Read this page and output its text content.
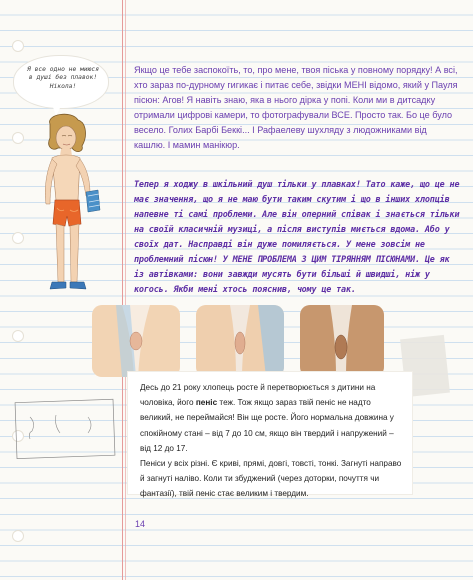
Я все одно не миюся в душі без плавок! Нікола!
Якщо це тебе заспокоїть, то, про мене, твоя піська у повному порядку! А всі, хто зараз по-дурному гигикає і питає себе, звідки МЕНІ відомо, який у Пауля пісюн: Агов! Я навіть знаю, яка в нього дірка у попі. Коли ми в дитсадку отримали цифрові камери, то фотографували ВСЕ. Просто так. Бо це було весело. Голих Барбі Беккі... І Рафаелеву шухляду з людожниками від кашлю. І мамин манікюр.
Тепер я ходжу в шкільний душ тільки у плавках! Тато каже, що це не має значення, що я не маю бути таким скутим і що в інших хлопців напевне ті самі проблеми. Але він оперний співак і знається тільки на своїй класичній музиці, а після виступів миється вдома. Або у своїх дат. Насправді він дуже помиляється. У мене зовсім не проблемний пісюн! У МЕНЕ ПРОБЛЕМА З ЦИМ ТІРЯННЯМ ПІСЮНАМИ. Це як із автівками: вони завжди мусять бути більші й швидші, ніж у когось. Якби мені хтось пояснив, чому це так.

Десь до 21 року хлопець росте й перетворюється з дитини на чоловіка, його пеніс теж. Тож якщо зараз твій пеніс не надто великий, не переймайся! Він ще росте. Його нормальна довжина у спокійному стані – від 7 до 10 см, якщо він твердий і напружений – від 12 до 17.

Пеніси у всіх різні. Є криві, прямі, довгі, товсті, тонкі. Загнуті направо й загнуті наліво. Коли ти збуджений (через доторки, почуття чи фантазії), твій пеніс стає великим і твердим.

14
